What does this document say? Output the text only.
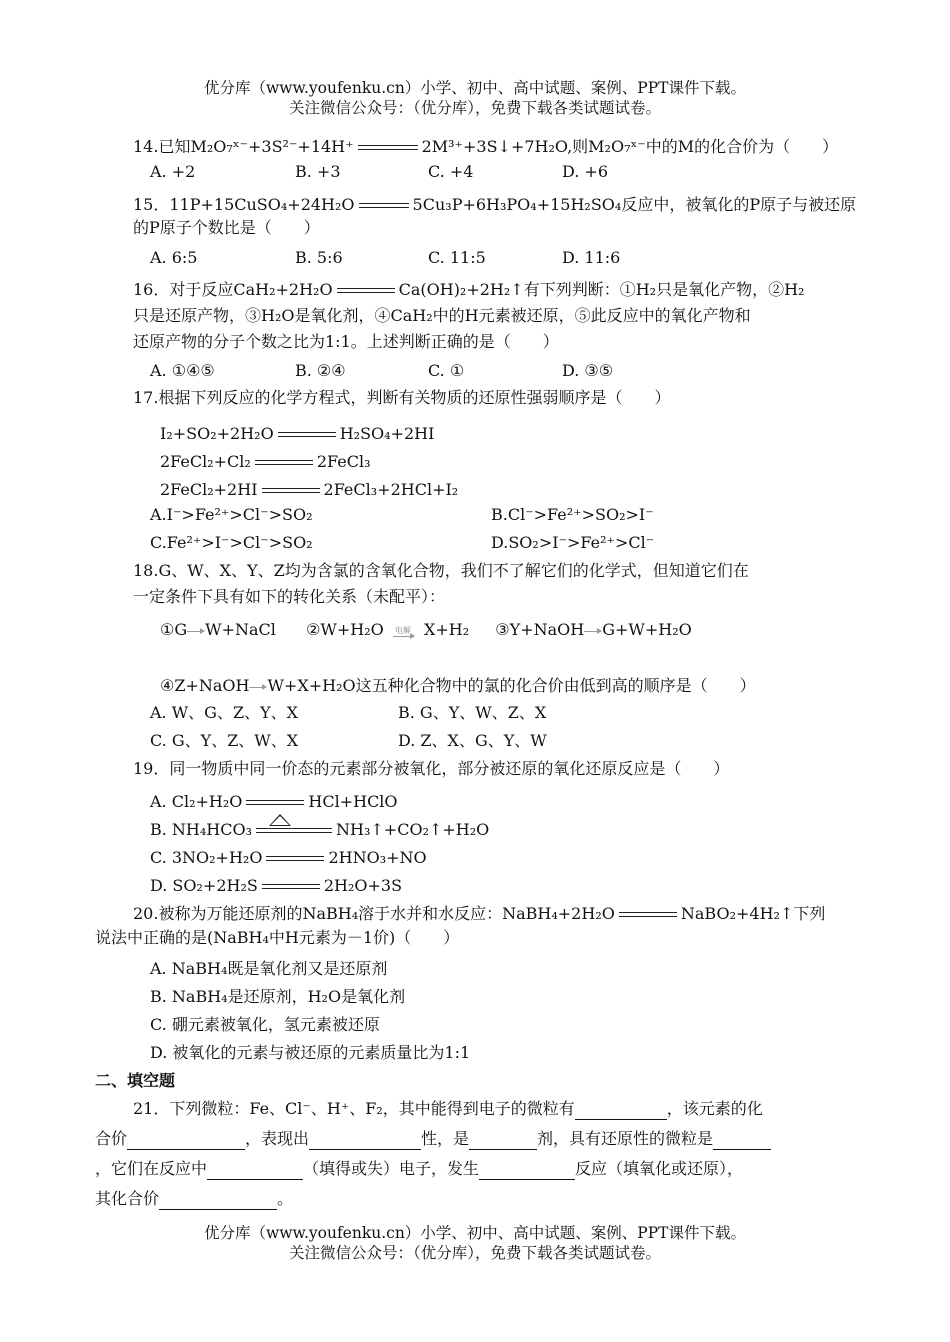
优分库（www.youfenku.cn）小学、初中、高中试题、案例、PPT课件下载。
关注微信公众号：（优分库），免费下载各类试题试卷。
14.已知M₂O₇ˣ⁻+3S²⁻+14H⁺	2M³⁺+3S↓+7H₂O,则M₂O₇ˣ⁻中的M的化合价为（　　）
A. +2	B. +3	C. +4	D. +6
15．11P+15CuSO₄+24H₂O	5Cu₃P+6H₃PO₄+15H₂SO₄反应中，被氧化的P原子与被还原
的P原子个数比是（　　）
A. 6:5	B. 5:6	C. 11:5	D. 11:6
16．对于反应CaH₂+2H₂O	Ca(OH)₂+2H₂↑有下列判断：①H₂只是氧化产物，②H₂
只是还原产物，③H₂O是氧化剂，④CaH₂中的H元素被还原，⑤此反应中的氧化产物和
还原产物的分子个数之比为1:1。上述判断正确的是（　　）
A. ①④⑤	B. ②④	C. ①	D. ③⑤
17.根据下列反应的化学方程式，判断有关物质的还原性强弱顺序是（　　）
I₂+SO₂+2H₂O	H₂SO₄+2HI
2FeCl₂+Cl₂	2FeCl₃
2FeCl₂+2HI	2FeCl₃+2HCl+I₂
A.I⁻>Fe²⁺>Cl⁻>SO₂	B.Cl⁻>Fe²⁺>SO₂>I⁻
C.Fe²⁺>I⁻>Cl⁻>SO₂	D.SO₂>I⁻>Fe²⁺>Cl⁻
18.G、W、X、Y、Z均为含氯的含氧化合物，我们不了解它们的化学式，但知道它们在
一定条件下具有如下的转化关系（未配平）：
①G W+NaCl ②W+H₂O 电解 X+H₂ ③Y+NaOH G+W+H₂O
④Z+NaOH W+X+H₂O这五种化合物中的氯的化合价由低到高的顺序是（　　）
A. W、G、Z、Y、X	B. G、Y、W、Z、X
C. G、Y、Z、W、X	D. Z、X、G、Y、W
19．同一物质中同一价态的元素部分被氧化，部分被还原的氧化还原反应是（　　）
A. Cl₂+H₂O	HCl+HClO
B. NH₄HCO₃	NH₃↑+CO₂↑+H₂O
C. 3NO₂+H₂O	2HNO₃+NO
D. SO₂+2H₂S	2H₂O+3S
20.被称为万能还原剂的NaBH₄溶于水并和水反应：NaBH₄+2H₂O	NaBO₂+4H₂↑下列
说法中正确的是(NaBH₄中H元素为－1价)（　　）
A. NaBH₄既是氧化剂又是还原剂
B. NaBH₄是还原剂，H₂O是氧化剂
C. 硼元素被氧化，氢元素被还原
D. 被氧化的元素与被还原的元素质量比为1:1
二、填空题
21．下列微粒：Fe、Cl⁻、H⁺、F₂，其中能得到电子的微粒有	，该元素的化
合价	，表现出	性，是	剂，具有还原性的微粒是
，它们在反应中	（填得或失）电子，发生	反应（填氧化或还原），
其化合价	。
优分库（www.youfenku.cn）小学、初中、高中试题、案例、PPT课件下载。
关注微信公众号：（优分库），免费下载各类试题试卷。
